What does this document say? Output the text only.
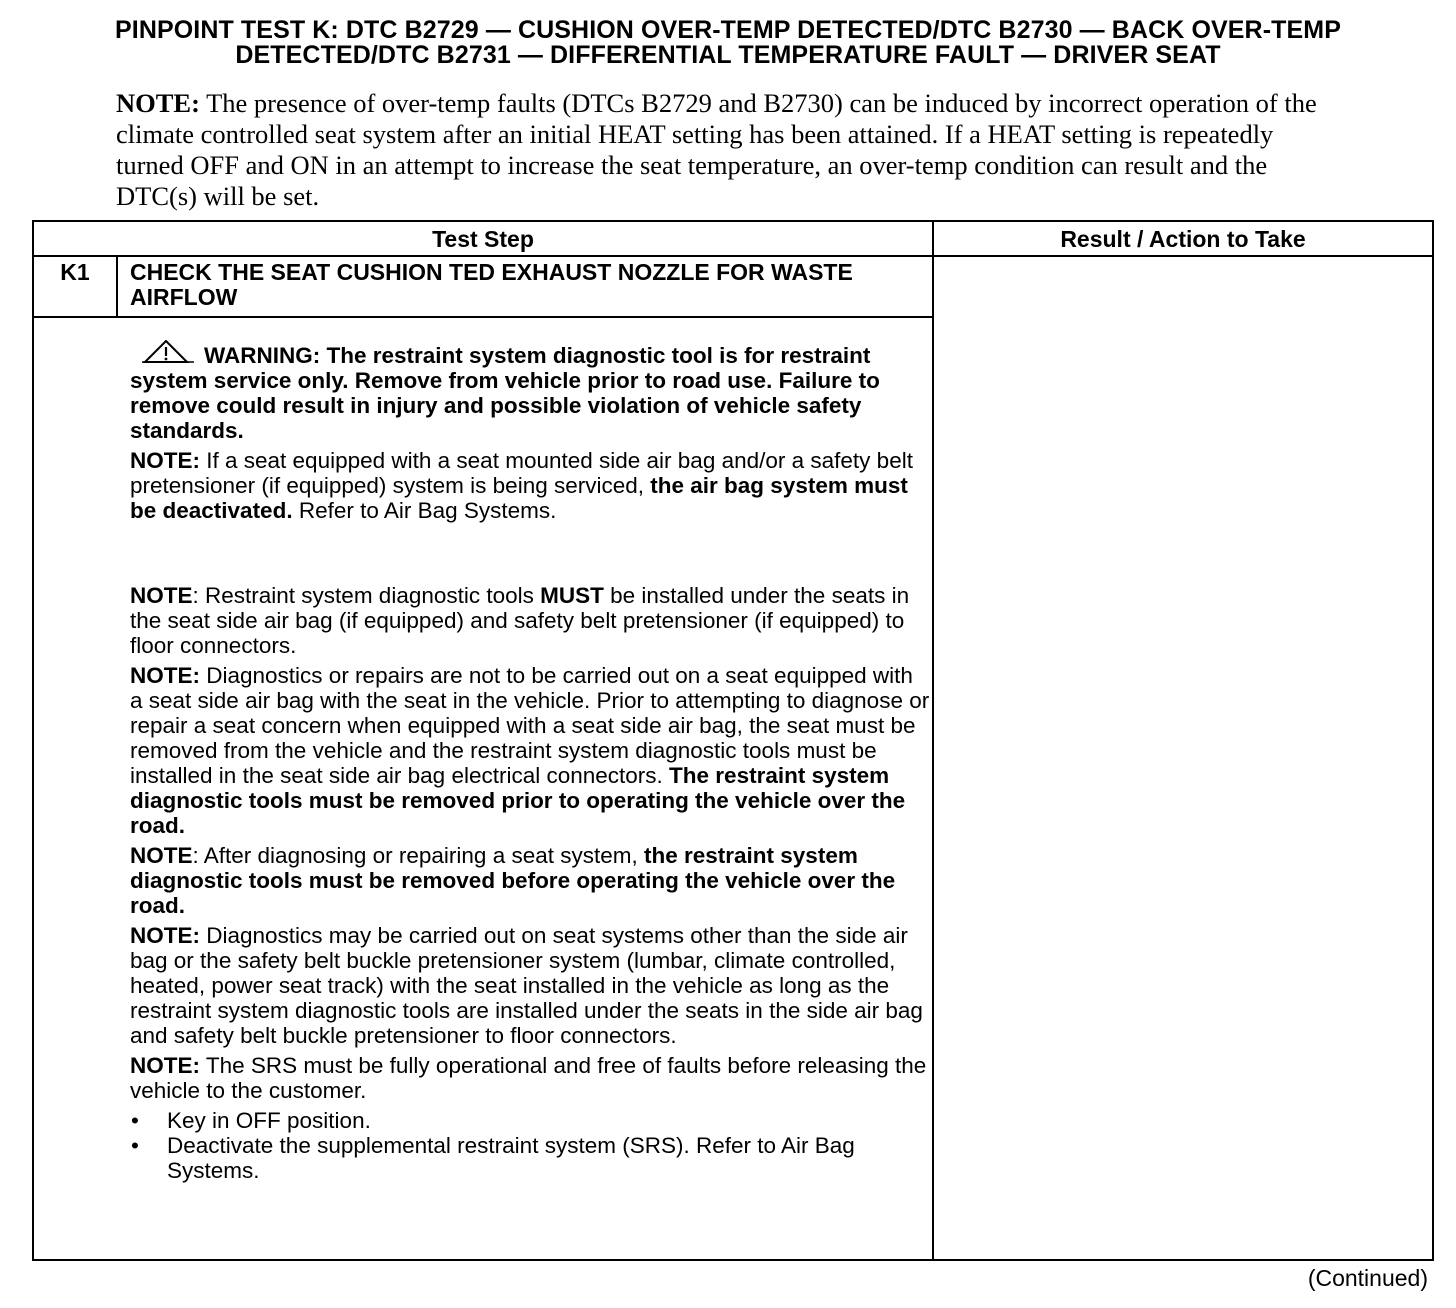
PINPOINT TEST K: DTC B2729 — CUSHION OVER-TEMP DETECTED/DTC B2730 — BACK OVER-TEMP
DETECTED/DTC B2731 — DIFFERENTIAL TEMPERATURE FAULT — DRIVER SEAT
NOTE: The presence of over-temp faults (DTCs B2729 and B2730) can be induced by incorrect operation of the climate controlled seat system after an initial HEAT setting has been attained. If a HEAT setting is repeatedly turned OFF and ON in an attempt to increase the seat temperature, an over-temp condition can result and the DTC(s) will be set.
Test Step	Result / Action to Take
K1	CHECK THE SEAT CUSHION TED EXHAUST NOZZLE FOR WASTE AIRFLOW

WARNING: The restraint system diagnostic tool is for restraint system service only. Remove from vehicle prior to road use. Failure to remove could result in injury and possible violation of vehicle safety standards.

NOTE: If a seat equipped with a seat mounted side air bag and/or a safety belt pretensioner (if equipped) system is being serviced, the air bag system must be deactivated. Refer to Air Bag Systems.

NOTE: Restraint system diagnostic tools MUST be installed under the seats in the seat side air bag (if equipped) and safety belt pretensioner (if equipped) to floor connectors.

NOTE: Diagnostics or repairs are not to be carried out on a seat equipped with a seat side air bag with the seat in the vehicle. Prior to attempting to diagnose or repair a seat concern when equipped with a seat side air bag, the seat must be removed from the vehicle and the restraint system diagnostic tools must be installed in the seat side air bag electrical connectors. The restraint system diagnostic tools must be removed prior to operating the vehicle over the road.

NOTE: After diagnosing or repairing a seat system, the restraint system diagnostic tools must be removed before operating the vehicle over the road.

NOTE: Diagnostics may be carried out on seat systems other than the side air bag or the safety belt buckle pretensioner system (lumbar, climate controlled, heated, power seat track) with the seat installed in the vehicle as long as the restraint system diagnostic tools are installed under the seats in the side air bag and safety belt buckle pretensioner to floor connectors.

NOTE: The SRS must be fully operational and free of faults before releasing the vehicle to the customer.

• Key in OFF position.
• Deactivate the supplemental restraint system (SRS). Refer to Air Bag Systems.
(Continued)
